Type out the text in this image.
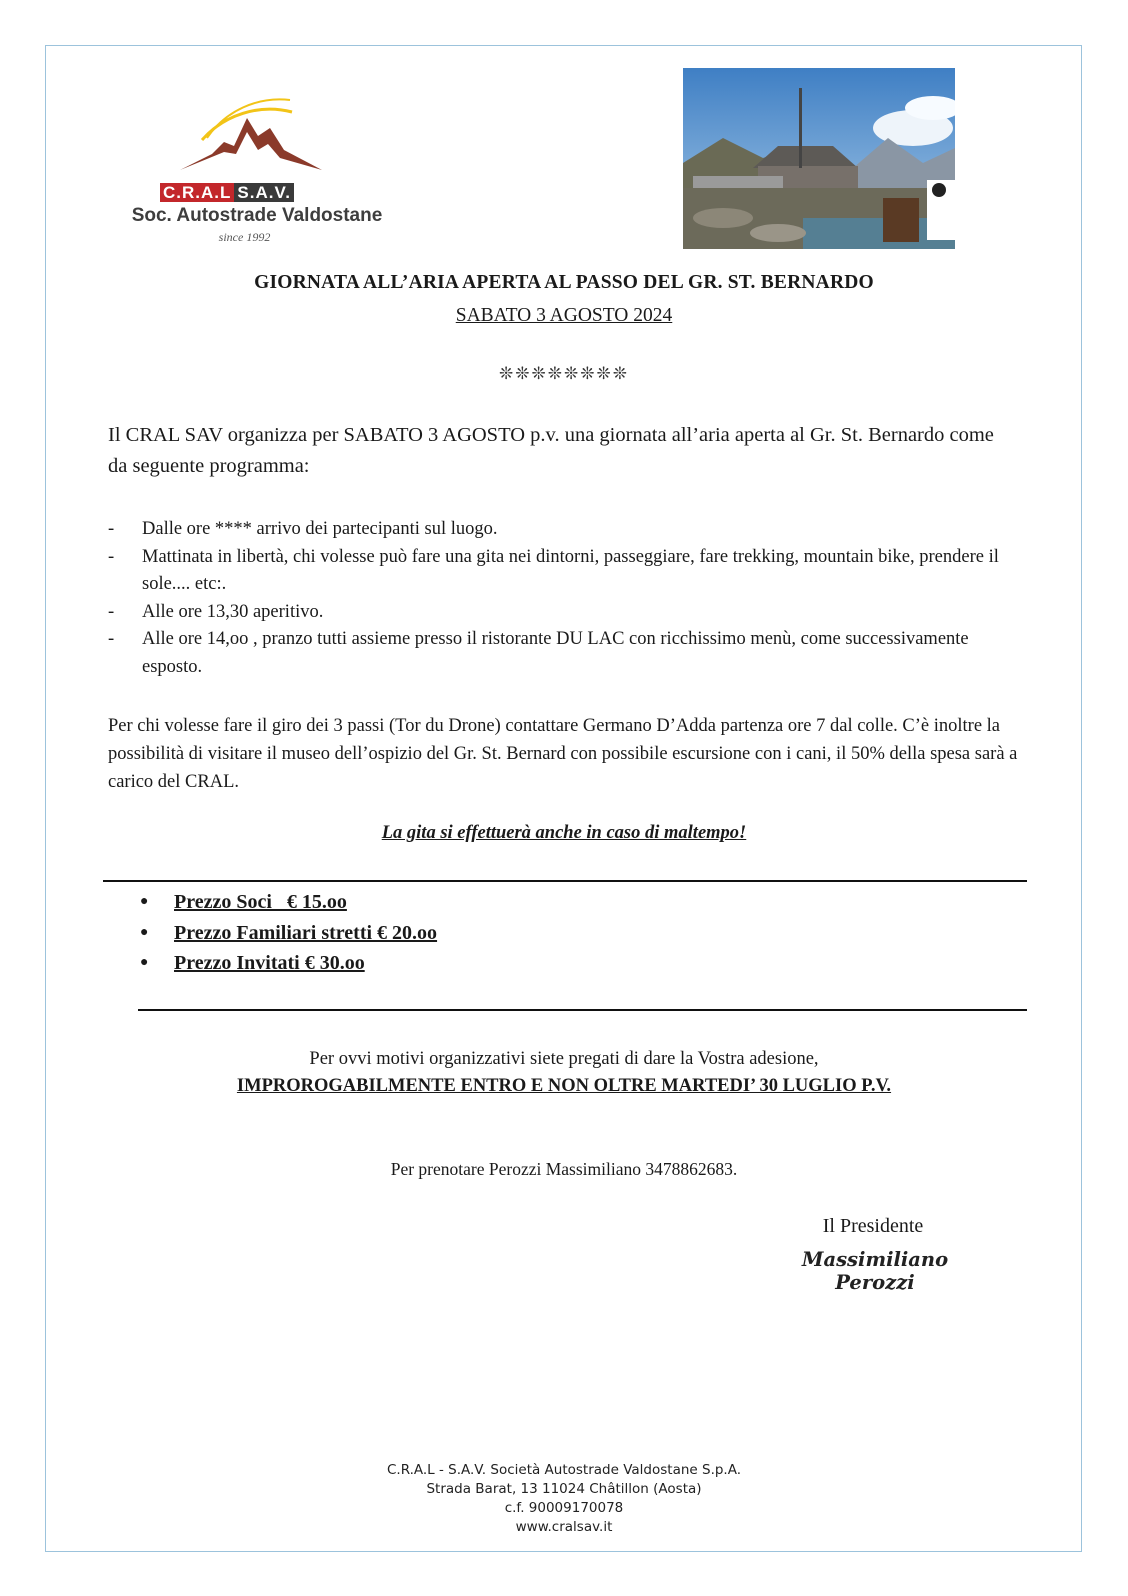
C.R.A.L S.A.V.
Soc. Autostrade Valdostane
since 1992
GIORNATA ALL’ARIA APERTA AL PASSO DEL GR. ST. BERNARDO
SABATO 3 AGOSTO 2024
❊❊❊❊❊❊❊❊
Il CRAL SAV organizza per SABATO 3 AGOSTO p.v. una giornata all’aria aperta al Gr. St. Bernardo come da seguente programma:
- Dalle ore **** arrivo dei partecipanti sul luogo.
- Mattinata in libertà, chi volesse può fare una gita nei dintorni, passeggiare, fare trekking, mountain bike, prendere il sole.... etc:.
- Alle ore 13,30 aperitivo.
- Alle ore 14,oo , pranzo tutti assieme presso il ristorante DU LAC con ricchissimo menù, come successivamente esposto.
Per chi volesse fare il giro dei 3 passi (Tor du Drone) contattare Germano D’Adda partenza ore 7 dal colle. C’è inoltre la possibilità di visitare il museo dell’ospizio del Gr. St. Bernard con possibile escursione con i cani, il 50% della spesa sarà a carico del CRAL.
La gita si effettuerà anche in caso di maltempo!
● Prezzo Soci   € 15.oo
● Prezzo Familiari stretti € 20.oo
● Prezzo Invitati € 30.oo
Per ovvi motivi organizzativi siete pregati di dare la Vostra adesione,
IMPROROGABILMENTE ENTRO E NON OLTRE MARTEDI’ 30 LUGLIO P.V.
Per prenotare Perozzi Massimiliano 3478862683.
Il Presidente
Massimiliano Perozzi
C.R.A.L - S.A.V. Società Autostrade Valdostane S.p.A.
Strada Barat, 13 11024 Châtillon (Aosta)
c.f. 90009170078
www.cralsav.it
